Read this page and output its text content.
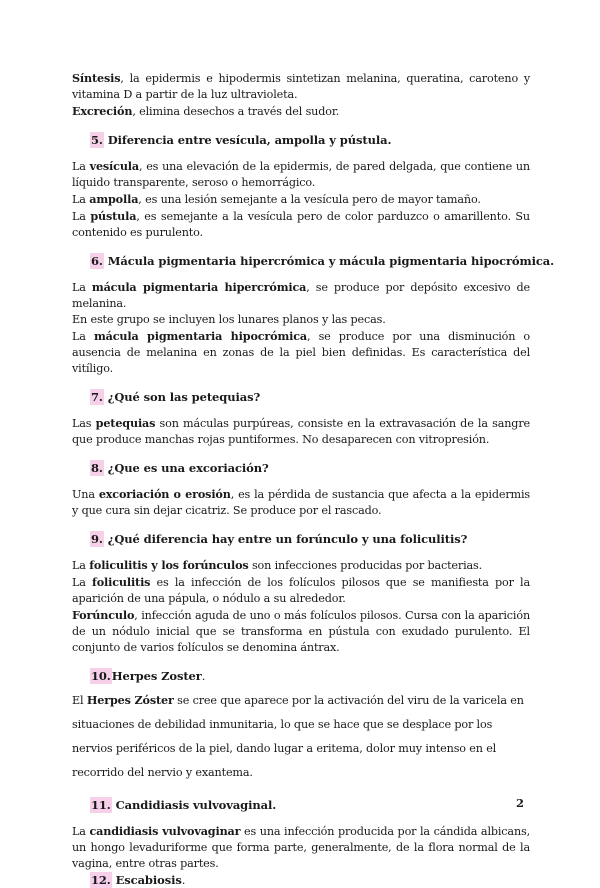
Síntesis, la epidermis e hipodermis sintetizan melanina, queratina, caroteno y vitamina D a partir de la luz ultravioleta.

Excreción, elimina desechos a través del sudor.

5. Diferencia entre vesícula, ampolla y pústula.

La vesícula, es una elevación de la epidermis, de pared delgada, que contiene un líquido transparente, seroso o hemorrágico.

La ampolla, es una lesión semejante a la vesícula pero de mayor tamaño.

La pústula, es semejante a la vesícula pero de color parduzco o amarillento. Su contenido es purulento.

6. Mácula pigmentaria hipercrómica y mácula pigmentaria hipocrómica.

La mácula pigmentaria hipercrómica, se produce por depósito excesivo de melanina.

En este grupo se incluyen los lunares planos y las pecas.

La mácula pigmentaria hipocrómica, se produce por una disminución o ausencia de melanina en zonas de la piel bien definidas. Es característica del vitíligo.

7. ¿Qué son las petequias?

Las petequias son máculas purpúreas, consiste en la extravasación de la sangre que produce manchas rojas puntiformes. No desaparecen con vitropresión.

8. ¿Que es una excoriación?

Una excoriación o erosión, es la pérdida de sustancia que afecta a la epidermis y que cura sin dejar cicatriz. Se produce por el rascado.

9. ¿Qué diferencia hay entre un forúnculo y una foliculitis?

La foliculitis y los forúnculos son infecciones producidas por bacterias.

La foliculitis es la infección de los folículos pilosos que se manifiesta por la aparición de una pápula, o nódulo a su alrededor.

Forúnculo, infección aguda de uno o más folículos pilosos. Cursa con la aparición de un nódulo inicial que se transforma en pústula con exudado purulento. El conjunto de varios folículos se denomina ántrax.

10.Herpes Zoster.

El Herpes Zóster se cree que aparece por la activación del viru de la varicela en situaciones de debilidad inmunitaria, lo que se hace que se desplace por los nervios periféricos de la piel, dando lugar a eritema, dolor muy intenso en el recorrido del nervio y exantema.

11. Candidiasis vulvovaginal.

La candidiasis vulvovaginar es una infección producida por la cándida albicans, un hongo levaduriforme que forma parte, generalmente, de la flora normal de la vagina, entre otras partes.

12. Escabiosis.
2
